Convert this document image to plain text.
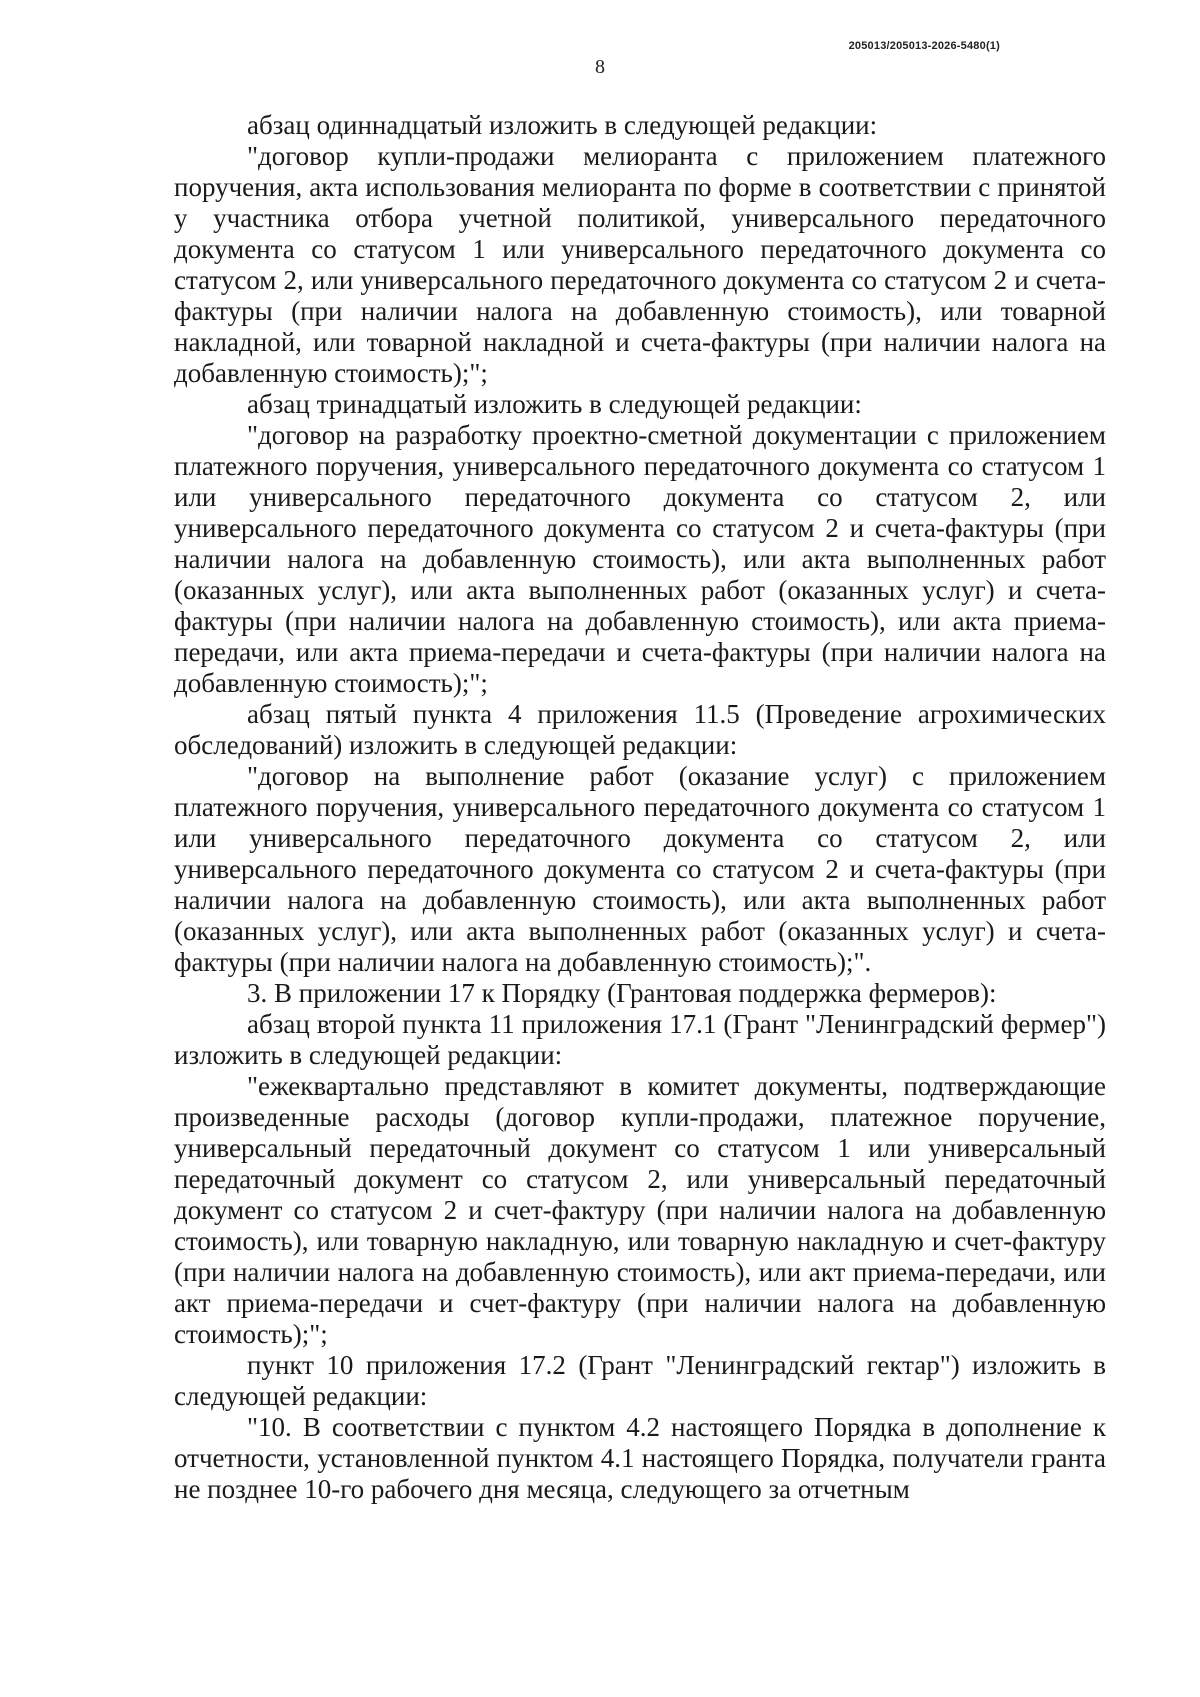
205013/205013-2026-5480(1)
8

абзац одиннадцатый изложить в следующей редакции:

"договор купли-продажи мелиоранта с приложением платежного поручения, акта использования мелиоранта по форме в соответствии с принятой у участника отбора учетной политикой, универсального передаточного документа со статусом 1 или универсального передаточного документа со статусом 2, или универсального передаточного документа со статусом 2 и счета-фактуры (при наличии налога на добавленную стоимость), или товарной накладной, или товарной накладной и счета-фактуры (при наличии налога на добавленную стоимость);";

абзац тринадцатый изложить в следующей редакции:

"договор на разработку проектно-сметной документации с приложением платежного поручения, универсального передаточного документа со статусом 1 или универсального передаточного документа со статусом 2, или универсального передаточного документа со статусом 2 и счета-фактуры (при наличии налога на добавленную стоимость), или акта выполненных работ (оказанных услуг), или акта выполненных работ (оказанных услуг) и счета-фактуры (при наличии налога на добавленную стоимость), или акта приема-передачи, или акта приема-передачи и счета-фактуры (при наличии налога на добавленную стоимость);";

абзац пятый пункта 4 приложения 11.5 (Проведение агрохимических обследований) изложить в следующей редакции:

"договор на выполнение работ (оказание услуг) с приложением платежного поручения, универсального передаточного документа со статусом 1 или универсального передаточного документа со статусом 2, или универсального передаточного документа со статусом 2 и счета-фактуры (при наличии налога на добавленную стоимость), или акта выполненных работ (оказанных услуг), или акта выполненных работ (оказанных услуг) и счета-фактуры (при наличии налога на добавленную стоимость);".

3. В приложении 17 к Порядку (Грантовая поддержка фермеров):

абзац второй пункта 11 приложения 17.1 (Грант "Ленинградский фермер") изложить в следующей редакции:

"ежеквартально представляют в комитет документы, подтверждающие произведенные расходы (договор купли-продажи, платежное поручение, универсальный передаточный документ со статусом 1 или универсальный передаточный документ со статусом 2, или универсальный передаточный документ со статусом 2 и счет-фактуру (при наличии налога на добавленную стоимость), или товарную накладную, или товарную накладную и счет-фактуру (при наличии налога на добавленную стоимость), или акт приема-передачи, или акт приема-передачи и счет-фактуру (при наличии налога на добавленную стоимость);";

пункт 10 приложения 17.2 (Грант "Ленинградский гектар") изложить в следующей редакции:

"10. В соответствии с пунктом 4.2 настоящего Порядка в дополнение к отчетности, установленной пунктом 4.1 настоящего Порядка, получатели гранта не позднее 10-го рабочего дня месяца, следующего за отчетным
